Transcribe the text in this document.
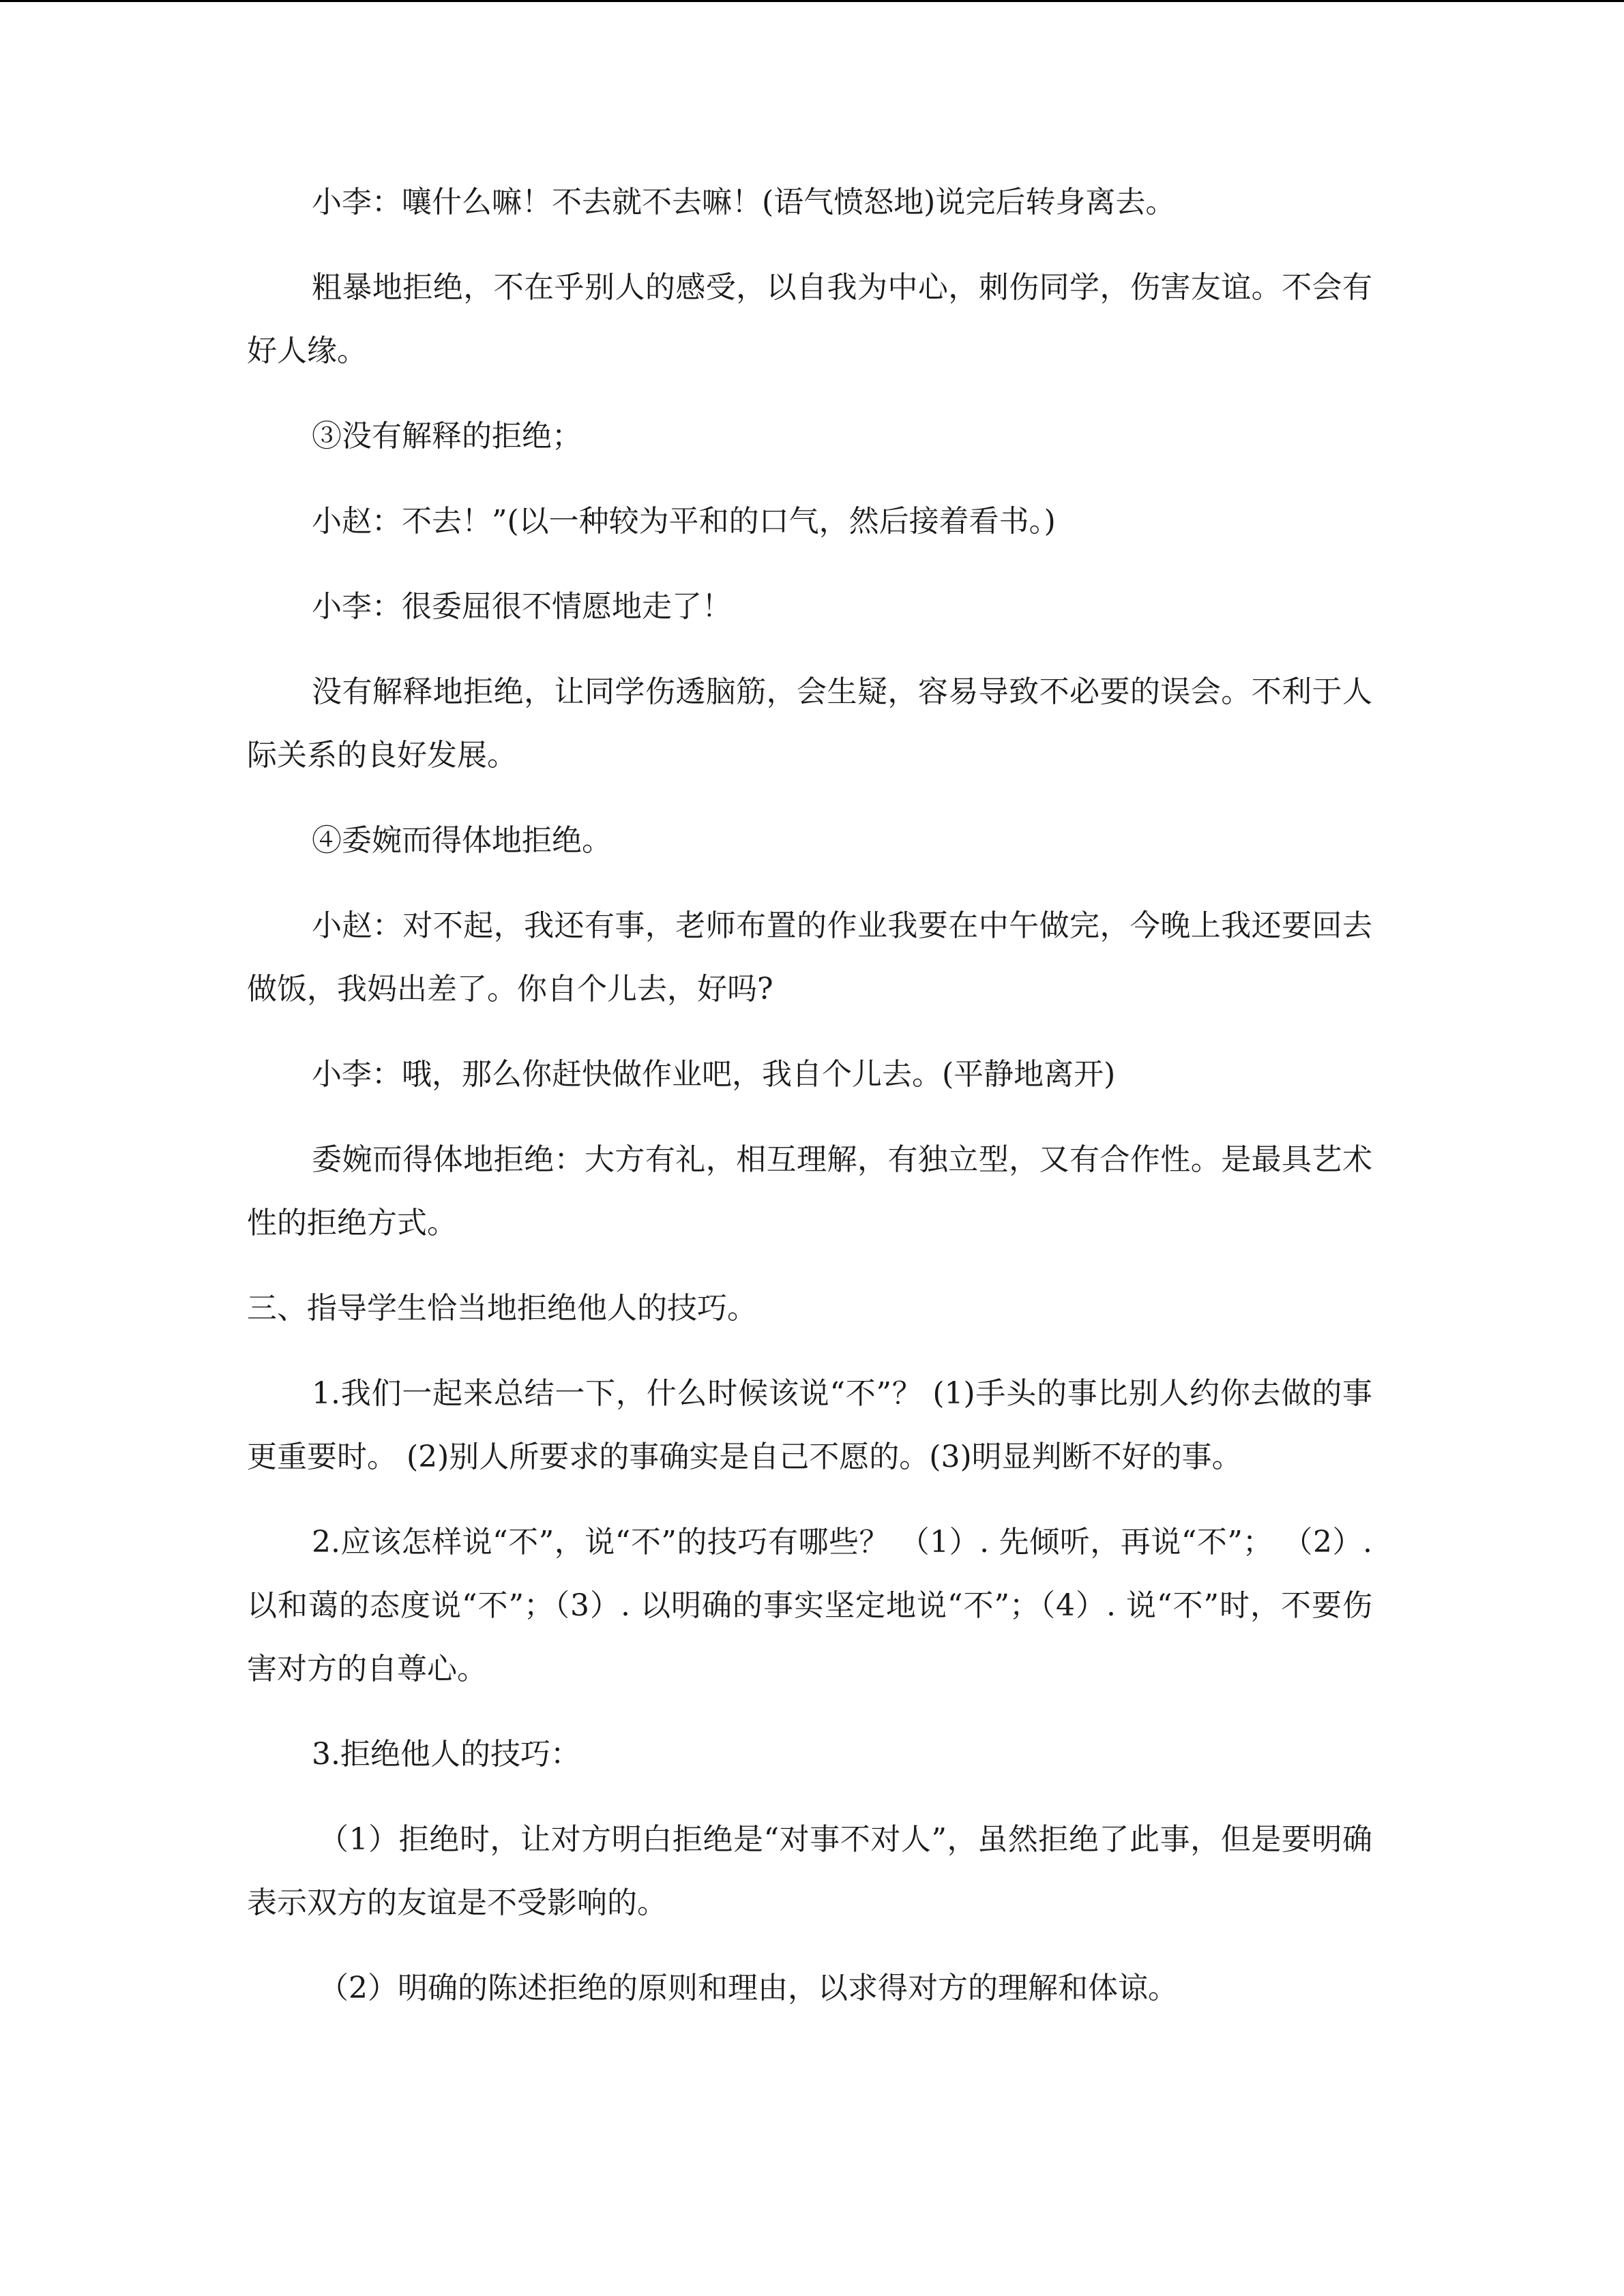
小李：嚷什么嘛！不去就不去嘛！(语气愤怒地)说完后转身离去。

粗暴地拒绝，不在乎别人的感受，以自我为中心，刺伤同学，伤害友谊。不会有好人缘。

③没有解释的拒绝；

小赵：不去！”(以一种较为平和的口气，然后接着看书。)

小李：很委屈很不情愿地走了！

没有解释地拒绝，让同学伤透脑筋，会生疑，容易导致不必要的误会。不利于人际关系的良好发展。

④委婉而得体地拒绝。

小赵：对不起，我还有事，老师布置的作业我要在中午做完，今晚上我还要回去做饭，我妈出差了。你自个儿去，好吗?

小李：哦，那么你赶快做作业吧，我自个儿去。(平静地离开)

委婉而得体地拒绝：大方有礼，相互理解，有独立型，又有合作性。是最具艺术性的拒绝方式。

三、指导学生恰当地拒绝他人的技巧。

1.我们一起来总结一下，什么时候该说“不”？ (1)手头的事比别人约你去做的事更重要时。 (2)别人所要求的事确实是自己不愿的。(3)明显判断不好的事。

2.应该怎样说“不”，说“不”的技巧有哪些？ （1）. 先倾听，再说“不”； （2）. 以和蔼的态度说“不”；（3）. 以明确的事实坚定地说“不”；（4）. 说“不”时，不要伤害对方的自尊心。

3.拒绝他人的技巧：

（1）拒绝时，让对方明白拒绝是“对事不对人”，虽然拒绝了此事，但是要明确表示双方的友谊是不受影响的。

（2）明确的陈述拒绝的原则和理由，以求得对方的理解和体谅。
